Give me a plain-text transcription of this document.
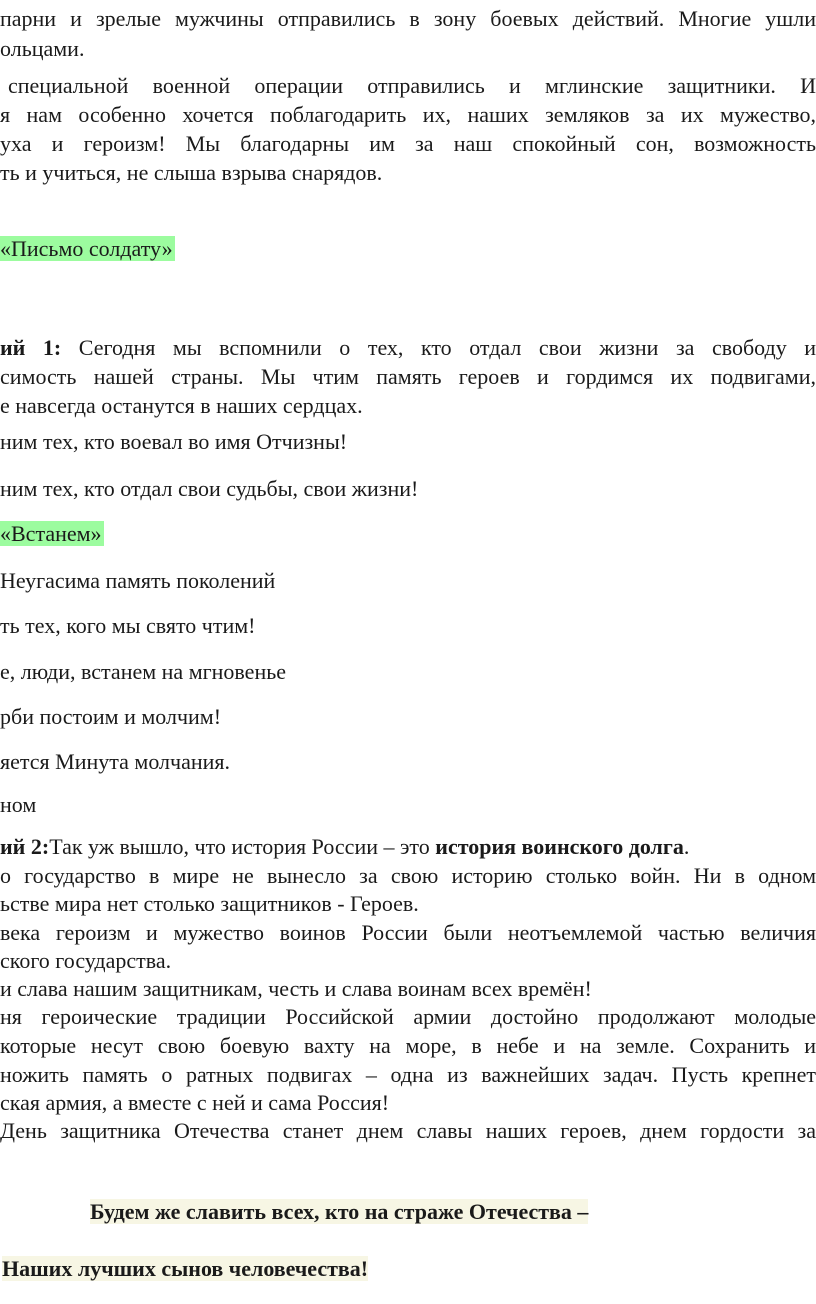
парни и зрелые мужчины отправились в зону боевых действий. Многие ушли
ольцами.
специальной военной операции отправились и мглинские защитники. И
я нам особенно хочется поблагодарить их, наших земляков за их мужество,
уха и героизм! Мы благодарны им за наш спокойный сон, возможность
ть и учиться, не слыша взрыва снарядов.
«Письмо солдату»
ий 1: Сегодня мы вспомнили о тех, кто отдал свои жизни за свободу и
симость нашей страны. Мы чтим память героев и гордимся их подвигами,
е навсегда останутся в наших сердцах.
ним тех, кто воевал во имя Отчизны!
ним тех, кто отдал свои судьбы, свои жизни!
«Встанем»
Неугасима память поколений
ть тех, кого мы свято чтим!
е, люди, встанем на мгновенье
рби постоим и молчим!
яется Минута молчания.
ном
ий 2:Так уж вышло, что история России – это история воинского долга.
о государство в мире не вынесло за свою историю столько войн. Ни в одном
ьстве мира нет столько защитников - Героев.
века героизм и мужество воинов России были неотъемлемой частью величия
ского государства.
и слава нашим защитникам, честь и слава воинам всех времён!
ня героические традиции Российской армии достойно продолжают молодые
которые несут свою боевую вахту на море, в небе и на земле. Сохранить и
ножить память о ратных подвигах – одна из важнейших задач. Пусть крепнет
ская армия, а вместе с ней и сама Россия!
День защитника Отечества станет днем славы наших героев, днем гордости за
Будем же славить всех, кто на страже Отечества –
Наших лучших сынов человечества!
